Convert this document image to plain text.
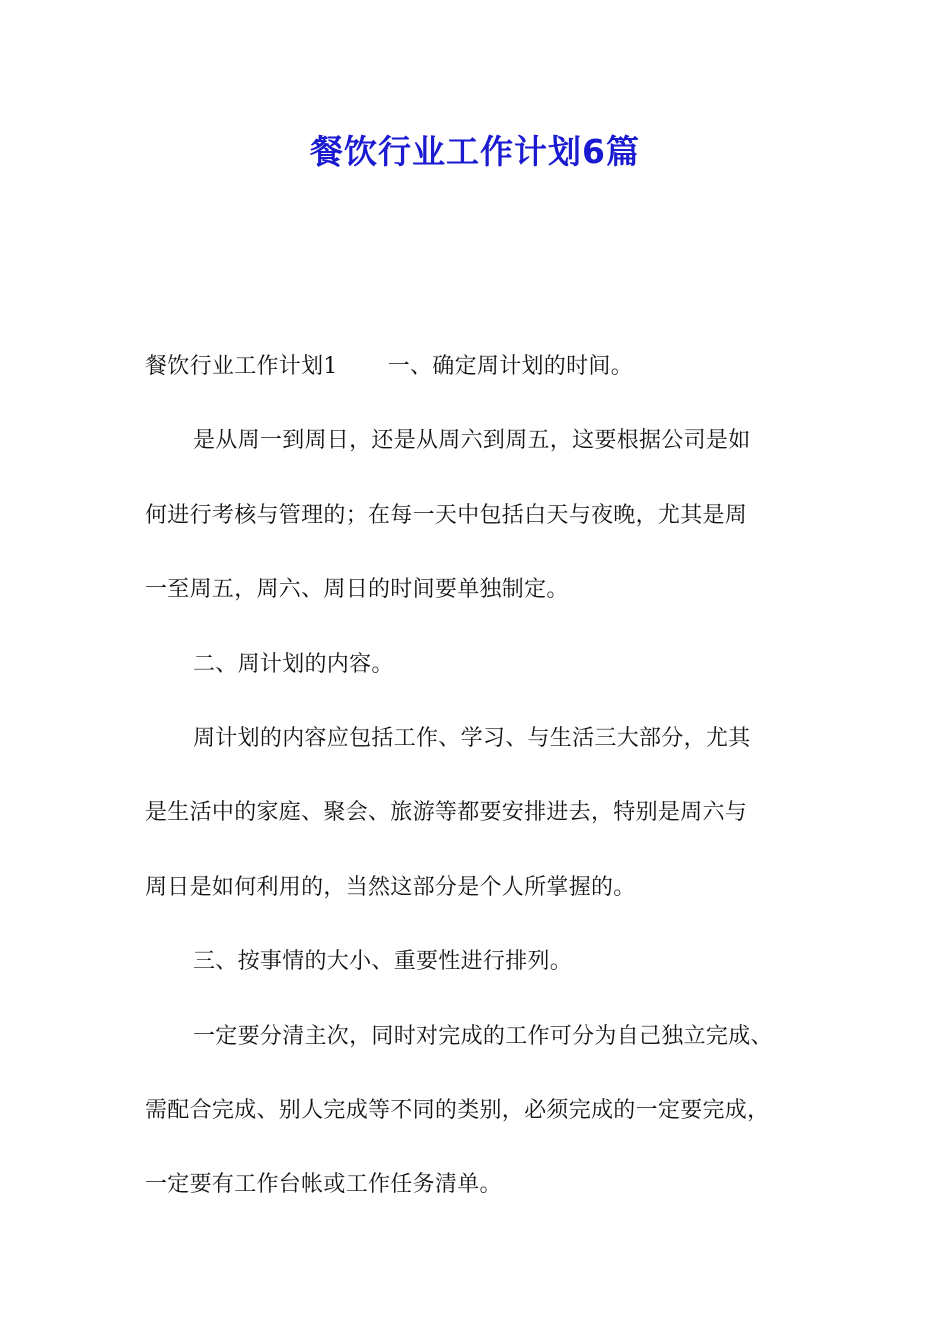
餐饮行业工作计划6篇
餐饮行业工作计划1 一、确定周计划的时间。
是从周一到周日，还是从周六到周五，这要根据公司是如
何进行考核与管理的；在每一天中包括白天与夜晚，尤其是周
一至周五，周六、周日的时间要单独制定。
二、周计划的内容。
周计划的内容应包括工作、学习、与生活三大部分，尤其
是生活中的家庭、聚会、旅游等都要安排进去，特别是周六与
周日是如何利用的，当然这部分是个人所掌握的。
三、按事情的大小、重要性进行排列。
一定要分清主次，同时对完成的工作可分为自己独立完成、
需配合完成、别人完成等不同的类别，必须完成的一定要完成，
一定要有工作台帐或工作任务清单。
